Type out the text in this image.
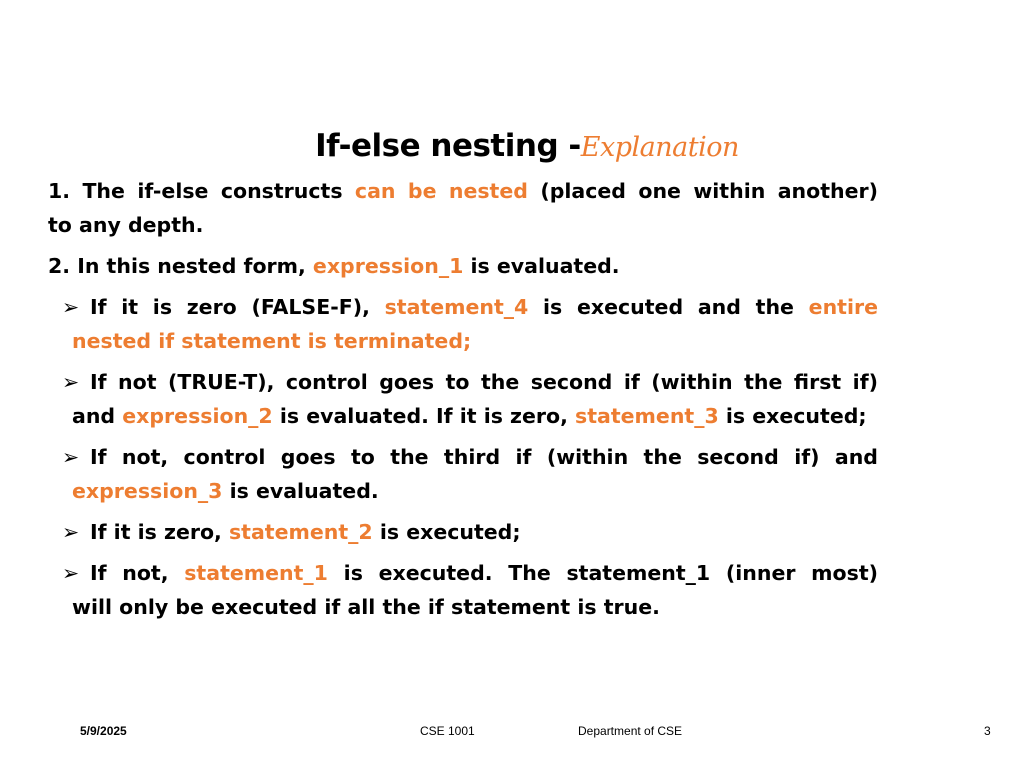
If-else nesting -Explanation
1. The if-else constructs can be nested (placed one within another)
to any depth.
2. In this nested form, expression_1 is evaluated.
➢ If it is zero (FALSE-F), statement_4 is executed and the entire
nested if statement is terminated;
➢ If not (TRUE-T), control goes to the second if (within the first if)
and expression_2 is evaluated. If it is zero, statement_3 is executed;
➢ If not, control goes to the third if (within the second if) and
expression_3 is evaluated.
➢ If it is zero, statement_2 is executed;
➢ If not, statement_1 is executed. The statement_1 (inner most)
will only be executed if all the if statement is true.
5/9/2025	CSE 1001	Department of CSE	3
